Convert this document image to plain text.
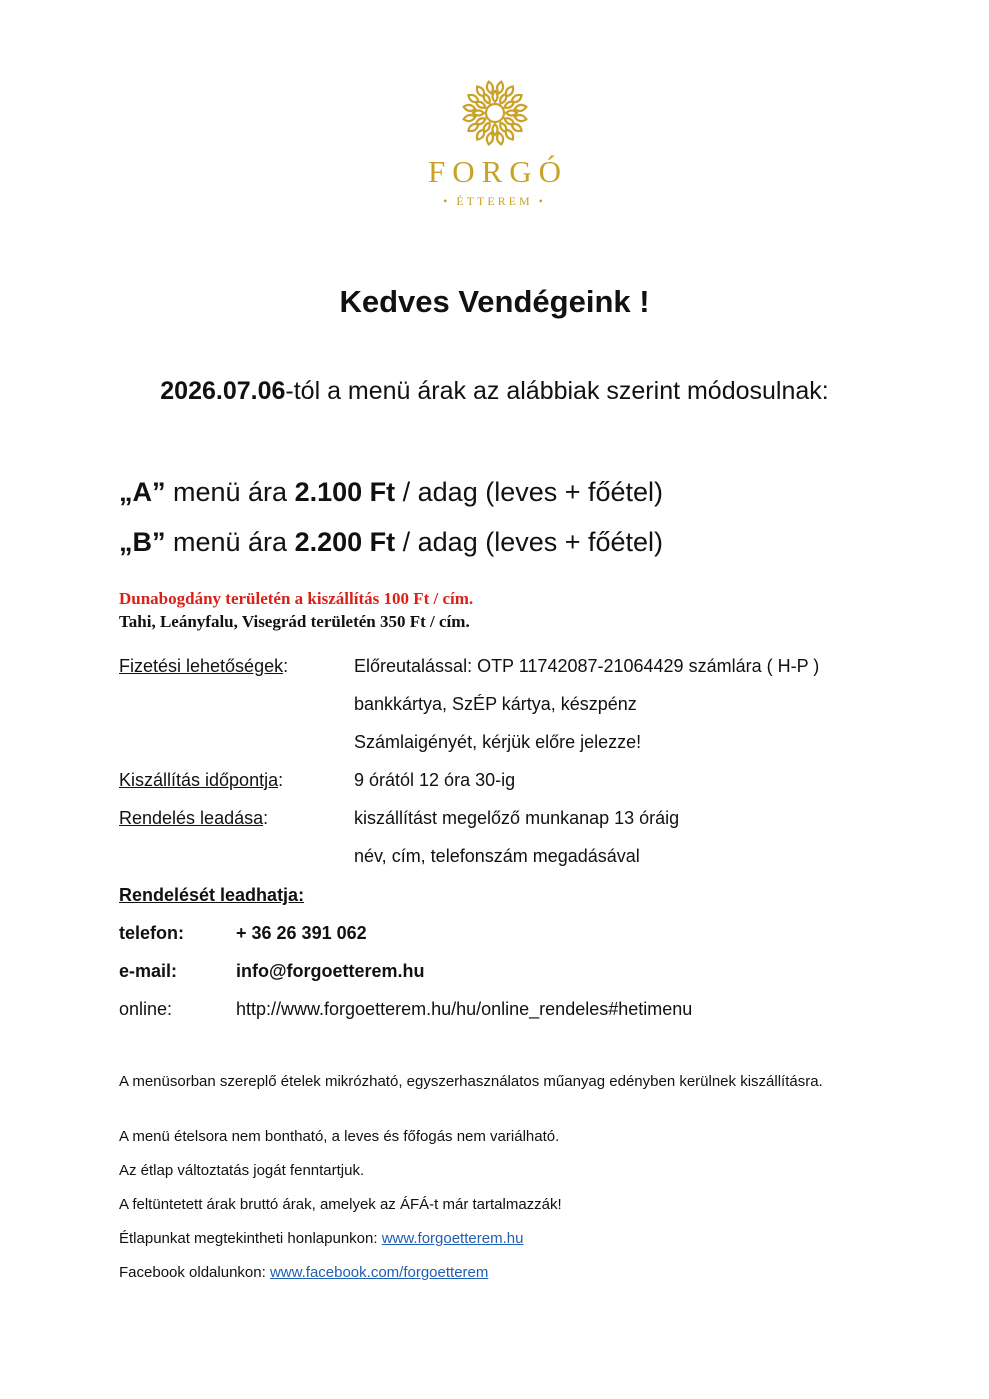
FORGÓ
• ÉTTEREM •
Kedves Vendégeink !
2026.07.06-tól a menü árak az alábbiak szerint módosulnak:
„A” menü ára 2.100 Ft / adag (leves + főétel)
„B” menü ára 2.200 Ft / adag (leves + főétel)
Dunabogdány területén a kiszállítás 100 Ft / cím.
Tahi, Leányfalu, Visegrád területén 350 Ft / cím.
Fizetési lehetőségek:	Előreutalással: OTP 11742087-21064429 számlára ( H-P )
bankkártya, SzÉP kártya, készpénz
Számlaigényét, kérjük előre jelezze!
Kiszállítás időpontja:	9 órától 12 óra 30-ig
Rendelés leadása:	kiszállítást megelőző munkanap 13 óráig
név, cím, telefonszám megadásával
Rendelését leadhatja:
telefon:	+ 36 26 391 062
e-mail:	info@forgoetterem.hu
online:	http://www.forgoetterem.hu/hu/online_rendeles#hetimenu
A menüsorban szereplő ételek mikrózható, egyszerhasználatos műanyag edényben kerülnek kiszállításra.
A menü ételsora nem bontható, a leves és főfogás nem variálható.
Az étlap változtatás jogát fenntartjuk.
A feltüntetett árak bruttó árak, amelyek az ÁFÁ-t már tartalmazzák!
Étlapunkat megtekintheti honlapunkon: www.forgoetterem.hu
Facebook oldalunkon: www.facebook.com/forgoetterem
